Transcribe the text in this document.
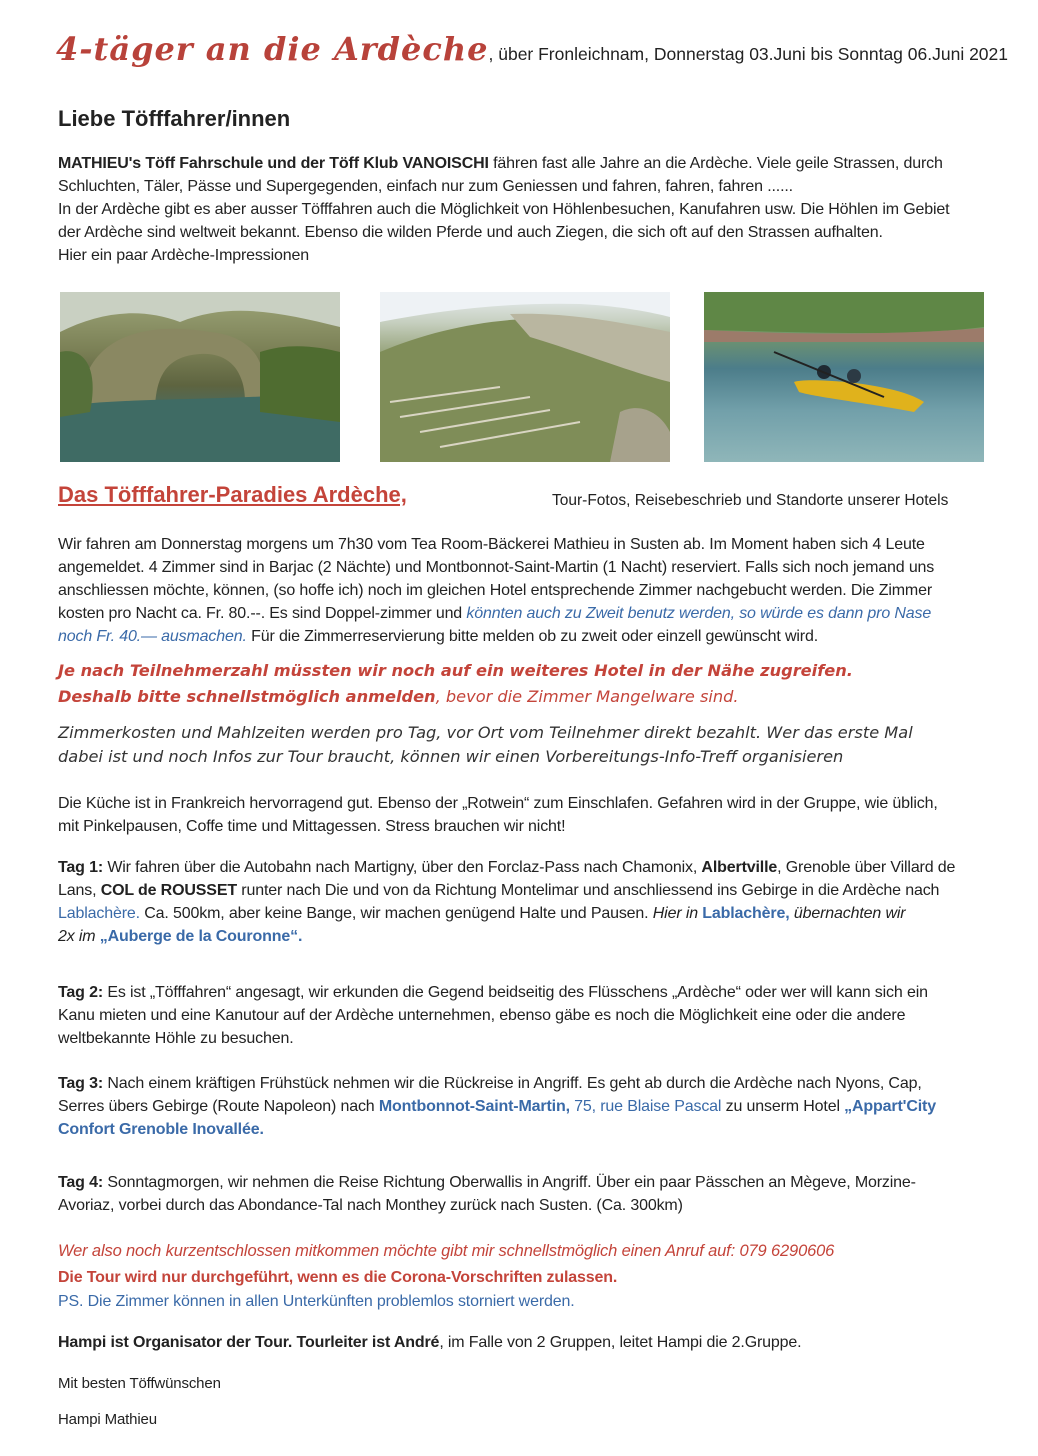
4-täger an die Ardèche, über Fronleichnam, Donnerstag 03.Juni bis Sonntag 06.Juni 2021
Liebe Töfffahrer/innen
MATHIEU's Töff Fahrschule und der Töff Klub VANOISCHI fähren fast alle Jahre an die Ardèche. Viele geile Strassen, durch
Schluchten, Täler, Pässe und Supergegenden, einfach nur zum Geniessen und fahren, fahren, fahren ......
In der Ardèche gibt es aber ausser Töfffahren auch die Möglichkeit von Höhlenbesuchen, Kanufahren usw. Die Höhlen im Gebiet
der Ardèche sind weltweit bekannt. Ebenso die wilden Pferde und auch Ziegen, die sich oft auf den Strassen aufhalten.
Hier ein paar Ardèche-Impressionen
Das Töfffahrer-Paradies Ardèche,	Tour-Fotos, Reisebeschrieb und Standorte unserer Hotels
Wir fahren am Donnerstag morgens um 7h30 vom Tea Room-Bäckerei Mathieu in Susten ab. Im Moment haben sich 4 Leute
angemeldet. 4 Zimmer sind in Barjac (2 Nächte) und Montbonnot-Saint-Martin (1 Nacht) reserviert. Falls sich noch jemand uns
anschliessen möchte, können, (so hoffe ich) noch im gleichen Hotel entsprechende Zimmer nachgebucht werden. Die Zimmer
kosten pro Nacht ca. Fr. 80.--. Es sind Doppel-zimmer und könnten auch zu Zweit benutz werden, so würde es dann pro Nase
noch Fr. 40.— ausmachen. Für die Zimmerreservierung bitte melden ob zu zweit oder einzell gewünscht wird.
Je nach Teilnehmerzahl müssten wir noch auf ein weiteres Hotel in der Nähe zugreifen.
Deshalb bitte schnellstmöglich anmelden, bevor die Zimmer Mangelware sind.
Zimmerkosten und Mahlzeiten werden pro Tag, vor Ort vom Teilnehmer direkt bezahlt. Wer das erste Mal
dabei ist und noch Infos zur Tour braucht, können wir einen Vorbereitungs-Info-Treff organisieren
Die Küche ist in Frankreich hervorragend gut. Ebenso der „Rotwein“ zum Einschlafen. Gefahren wird in der Gruppe, wie üblich,
mit Pinkelpausen, Coffe time und Mittagessen. Stress brauchen wir nicht!
Tag 1: Wir fahren über die Autobahn nach Martigny, über den Forclaz-Pass nach Chamonix, Albertville, Grenoble über Villard de
Lans, COL de ROUSSET runter nach Die und von da Richtung Montelimar und anschliessend ins Gebirge in die Ardèche nach
Lablachère. Ca. 500km, aber keine Bange, wir machen genügend Halte und Pausen. Hier in Lablachère, übernachten wir
2x im „Auberge de la Couronne“.
Tag 2: Es ist „Töfffahren“ angesagt, wir erkunden die Gegend beidseitig des Flüsschens „Ardèche“ oder wer will kann sich ein
Kanu mieten und eine Kanutour auf der Ardèche unternehmen, ebenso gäbe es noch die Möglichkeit eine oder die andere
weltbekannte Höhle zu besuchen.
Tag 3: Nach einem kräftigen Frühstück nehmen wir die Rückreise in Angriff. Es geht ab durch die Ardèche nach Nyons, Cap,
Serres übers Gebirge (Route Napoleon) nach Montbonnot-Saint-Martin, 75, rue Blaise Pascal zu unserm Hotel „Appart'City
Confort Grenoble Inovallée.
Tag 4: Sonntagmorgen, wir nehmen die Reise Richtung Oberwallis in Angriff. Über ein paar Pässchen an Mègeve, Morzine-
Avoriaz, vorbei durch das Abondance-Tal nach Monthey zurück nach Susten. (Ca. 300km)
Wer also noch kurzentschlossen mitkommen möchte gibt mir schnellstmöglich einen Anruf auf: 079 6290606
Die Tour wird nur durchgeführt, wenn es die Corona-Vorschriften zulassen.
PS. Die Zimmer können in allen Unterkünften problemlos storniert werden.
Hampi ist Organisator der Tour. Tourleiter ist André, im Falle von 2 Gruppen, leitet Hampi die 2.Gruppe.
Mit besten Töffwünschen
Hampi Mathieu
